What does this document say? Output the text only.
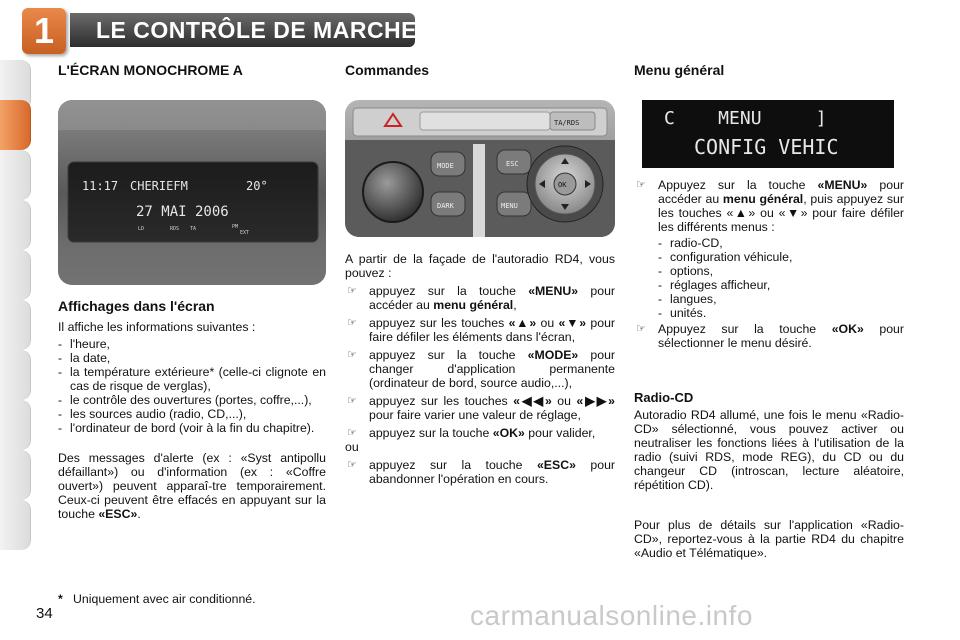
1	LE CONTRÔLE DE MARCHE
L'ÉCRAN MONOCHROME A
11:17 CHERIEFM	20°
27 MAI 2006
LD	RDS TA	PM
EXT
Affichages dans l'écran
Il affiche les informations suivantes :
- l'heure,
- la date,
- la température extérieure* (celle-ci clignote en cas de risque de verglas),
- le contrôle des ouvertures (portes, coffre,...),
- les sources audio (radio, CD,...),
- l'ordinateur de bord (voir à la fin du chapitre).
Des messages d'alerte (ex : «Syst antipollu défaillant») ou d'information (ex : «Coffre ouvert») peuvent apparaî-tre temporairement. Ceux-ci peuvent être effacés en appuyant sur la touche «ESC».
* Uniquement avec air conditionné.
34
Commandes
TA/RDS
MODE
DARK
ESC
MENU
OK
A partir de la façade de l'autoradio RD4, vous pouvez :
☞ appuyez sur la touche «MENU» pour accéder au menu général,
☞ appuyez sur les touches «▲» ou «▼» pour faire défiler les éléments dans l'écran,
☞ appuyez sur la touche «MODE» pour changer d'application permanente (ordinateur de bord, source audio,...),
☞ appuyez sur les touches «◀◀» ou «▶▶» pour faire varier une valeur de réglage,
☞ appuyez sur la touche «OK» pour valider,
ou
☞ appuyez sur la touche «ESC» pour abandonner l'opération en cours.
Menu général
C    MENU     ]
CONFIG VEHIC
☞ Appuyez sur la touche «MENU» pour accéder au menu général, puis appuyez sur les touches «▲» ou «▼» pour faire défiler les différents menus :
- radio-CD,
- configuration véhicule,
- options,
- réglages afficheur,
- langues,
- unités.
☞ Appuyez sur la touche «OK» pour sélectionner le menu désiré.
Radio-CD
Autoradio RD4 allumé, une fois le menu «Radio-CD» sélectionné, vous pouvez activer ou neutraliser les fonctions liées à l'utilisation de la radio (suivi RDS, mode REG), du CD ou du changeur CD (introscan, lecture aléatoire, répétition CD).
Pour plus de détails sur l'application «Radio-CD», reportez-vous à la partie RD4 du chapitre «Audio et Télématique».
carmanualsonline.info
